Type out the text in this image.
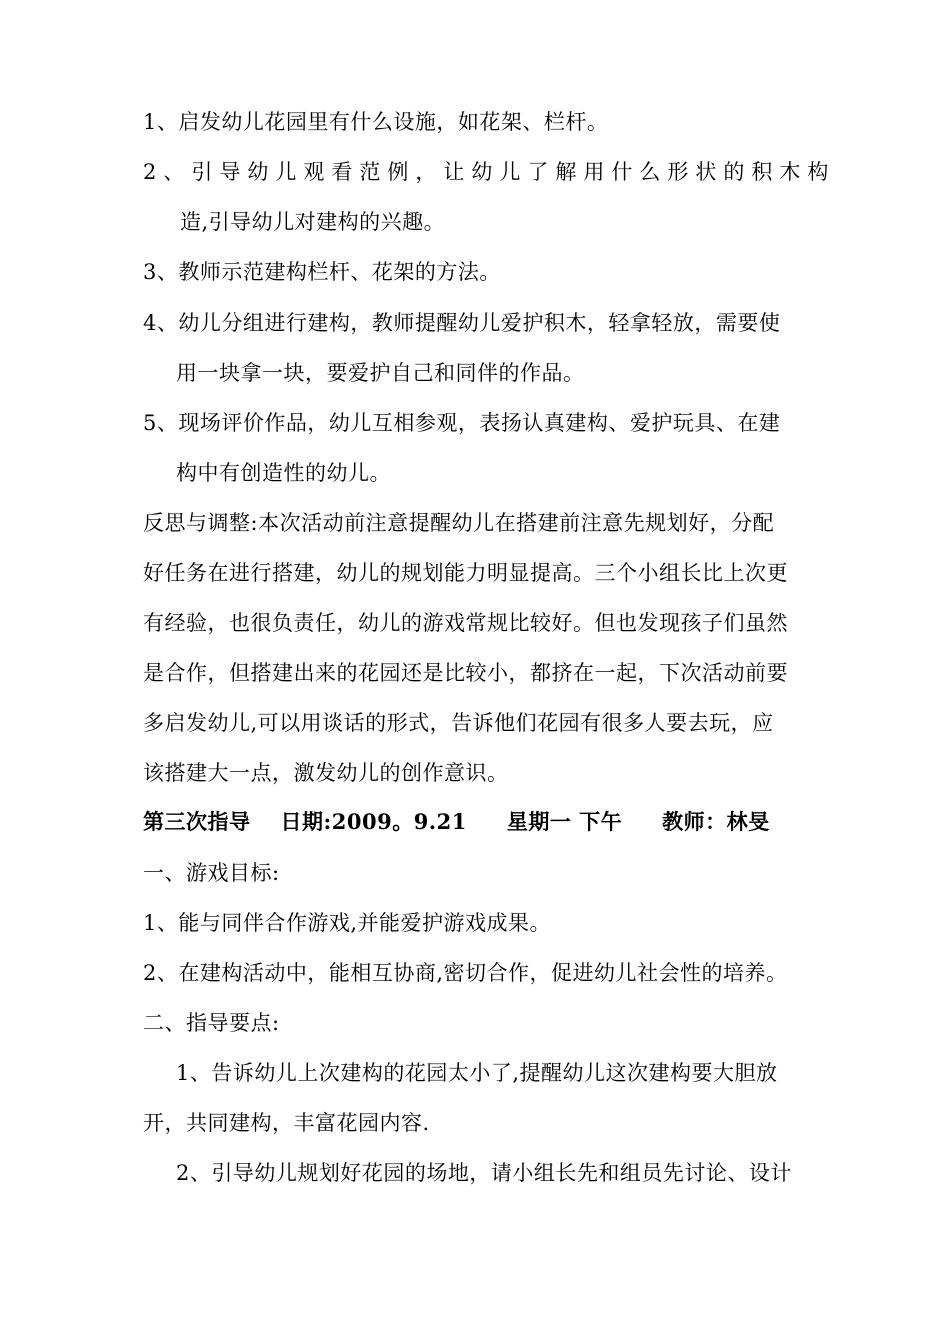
1、启发幼儿花园里有什么设施，如花架、栏杆。
2、引导幼儿观看范例，让幼儿了解用什么形状的积木构
造,引导幼儿对建构的兴趣。
3、教师示范建构栏杆、花架的方法。
4、幼儿分组进行建构，教师提醒幼儿爱护积木，轻拿轻放，需要使
用一块拿一块，要爱护自己和同伴的作品。
5、现场评价作品，幼儿互相参观，表扬认真建构、爱护玩具、在建
构中有创造性的幼儿。
反思与调整:本次活动前注意提醒幼儿在搭建前注意先规划好，分配
好任务在进行搭建，幼儿的规划能力明显提高。三个小组长比上次更
有经验，也很负责任，幼儿的游戏常规比较好。但也发现孩子们虽然
是合作，但搭建出来的花园还是比较小，都挤在一起，下次活动前要
多启发幼儿,可以用谈话的形式，告诉他们花园有很多人要去玩，应
该搭建大一点，激发幼儿的创作意识。
第三次指导 日期:2009。9.21 星期一 下午 教师：林旻
一、游戏目标:
1、能与同伴合作游戏,并能爱护游戏成果。
2、在建构活动中，能相互协商,密切合作，促进幼儿社会性的培养。
二、指导要点:
1、告诉幼儿上次建构的花园太小了,提醒幼儿这次建构要大胆放
开，共同建构，丰富花园内容.
2、引导幼儿规划好花园的场地，请小组长先和组员先讨论、设计
